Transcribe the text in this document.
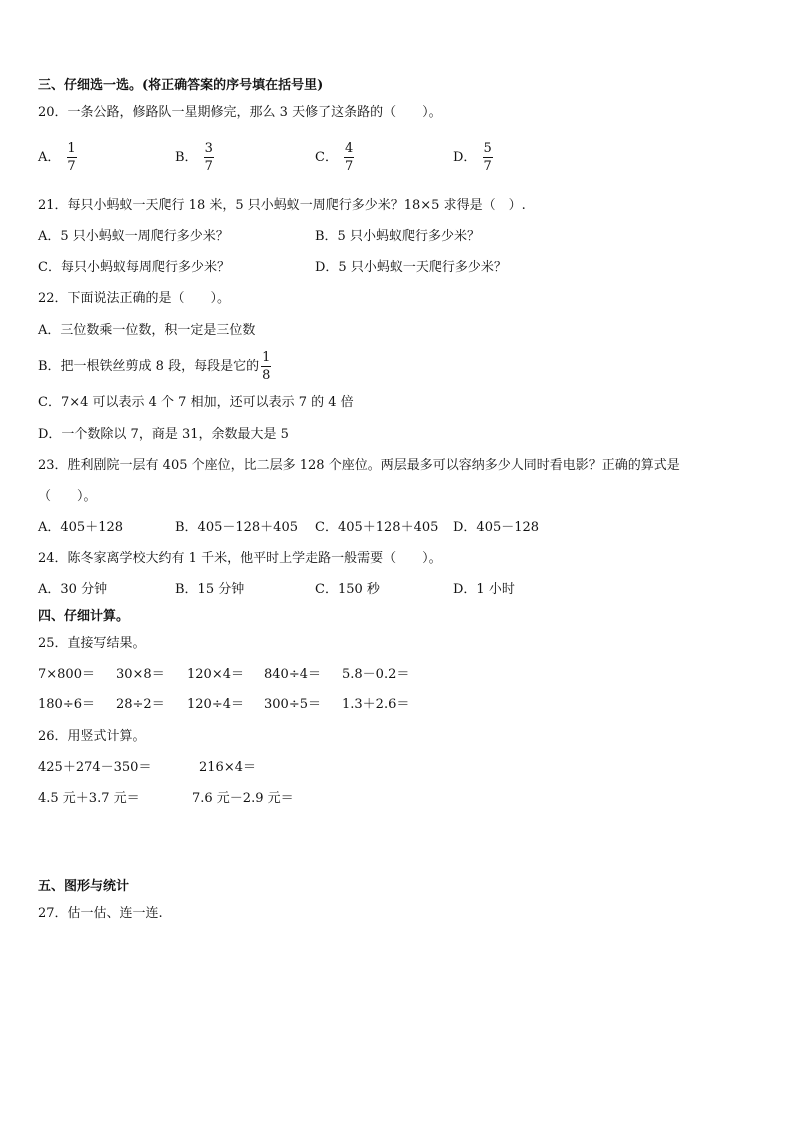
三、仔细选一选。(将正确答案的序号填在括号里)
20．一条公路，修路队一星期修完，那么 3 天修了这条路的（　　）。
A． $\frac{1}{7}$	B． $\frac{3}{7}$	C． $\frac{4}{7}$	D． $\frac{5}{7}$
21．每只小蚂蚁一天爬行 18 米，5 只小蚂蚁一周爬行多少米？18×5 求得是（　）.
A．5 只小蚂蚁一周爬行多少米？	B．5 只小蚂蚁爬行多少米？
C．每只小蚂蚁每周爬行多少米？	D．5 只小蚂蚁一天爬行多少米？
22．下面说法正确的是（　　）。
A．三位数乘一位数，积一定是三位数
B．把一根铁丝剪成 8 段，每段是它的 $\frac{1}{8}$
C．7×4 可以表示 4 个 7 相加，还可以表示 7 的 4 倍
D．一个数除以 7，商是 31，余数最大是 5
23．胜利剧院一层有 405 个座位，比二层多 128 个座位。两层最多可以容纳多少人同时看电影？正确的算式是
（　　）。
A．405＋128	B．405－128＋405 C．405＋128＋405 D．405－128
24．陈冬家离学校大约有 1 千米，他平时上学走路一般需要（　　）。
A．30 分钟	B．15 分钟	C．150 秒	D．1 小时
四、仔细计算。
25．直接写结果。
7×800＝ 30×8＝ 120×4＝ 840÷4＝ 5.8－0.2＝
180÷6＝ 28÷2＝ 120÷4＝ 300÷5＝ 1.3＋2.6＝
26．用竖式计算。
425＋274－350＝	216×4＝
4.5 元＋3.7 元＝	7.6 元－2.9 元＝
五、图形与统计
27．估一估、连一连.
